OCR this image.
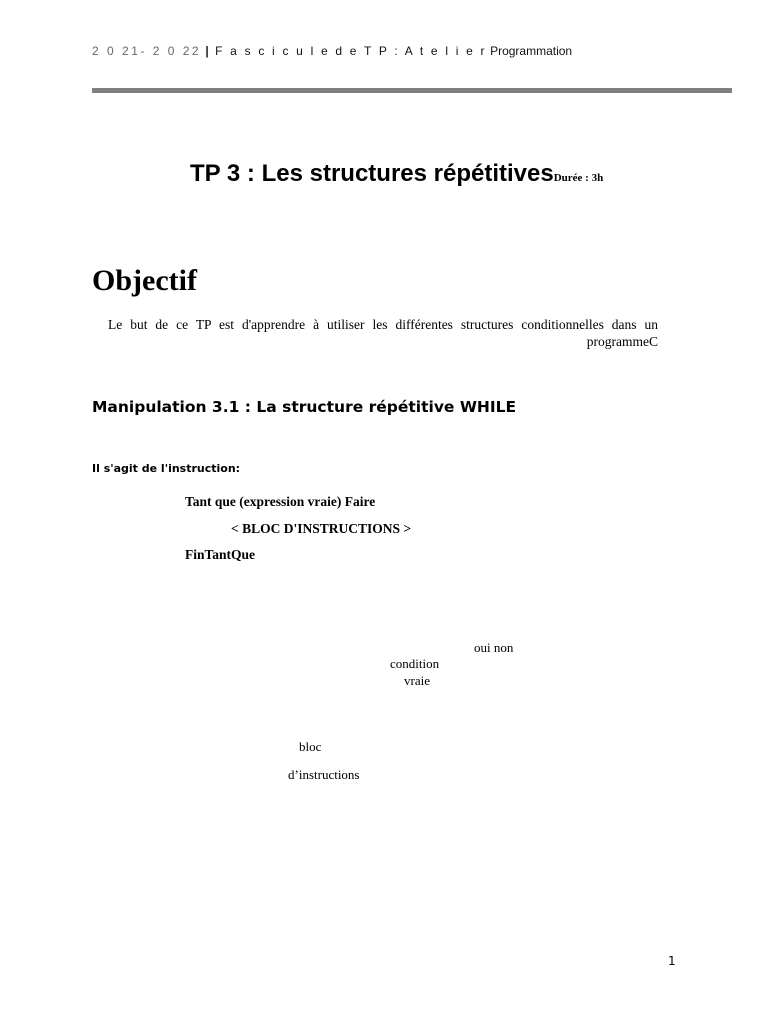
2 0 21- 2 0 22 | F a s c i c u l e d e T P : A t e l i e r Programmation
TP 3 : Les structures répétitivesDurée : 3h
Objectif
Le but de ce TP est d'apprendre à utiliser les différentes structures conditionnelles dans un programmeC
Manipulation 3.1 : La structure répétitive WHILE
Il s'agit de l'instruction:
Tant que (expression vraie) Faire
< BLOC D'INSTRUCTIONS >
FinTantQue
oui non
condition
vraie
bloc
d’instructions
1
